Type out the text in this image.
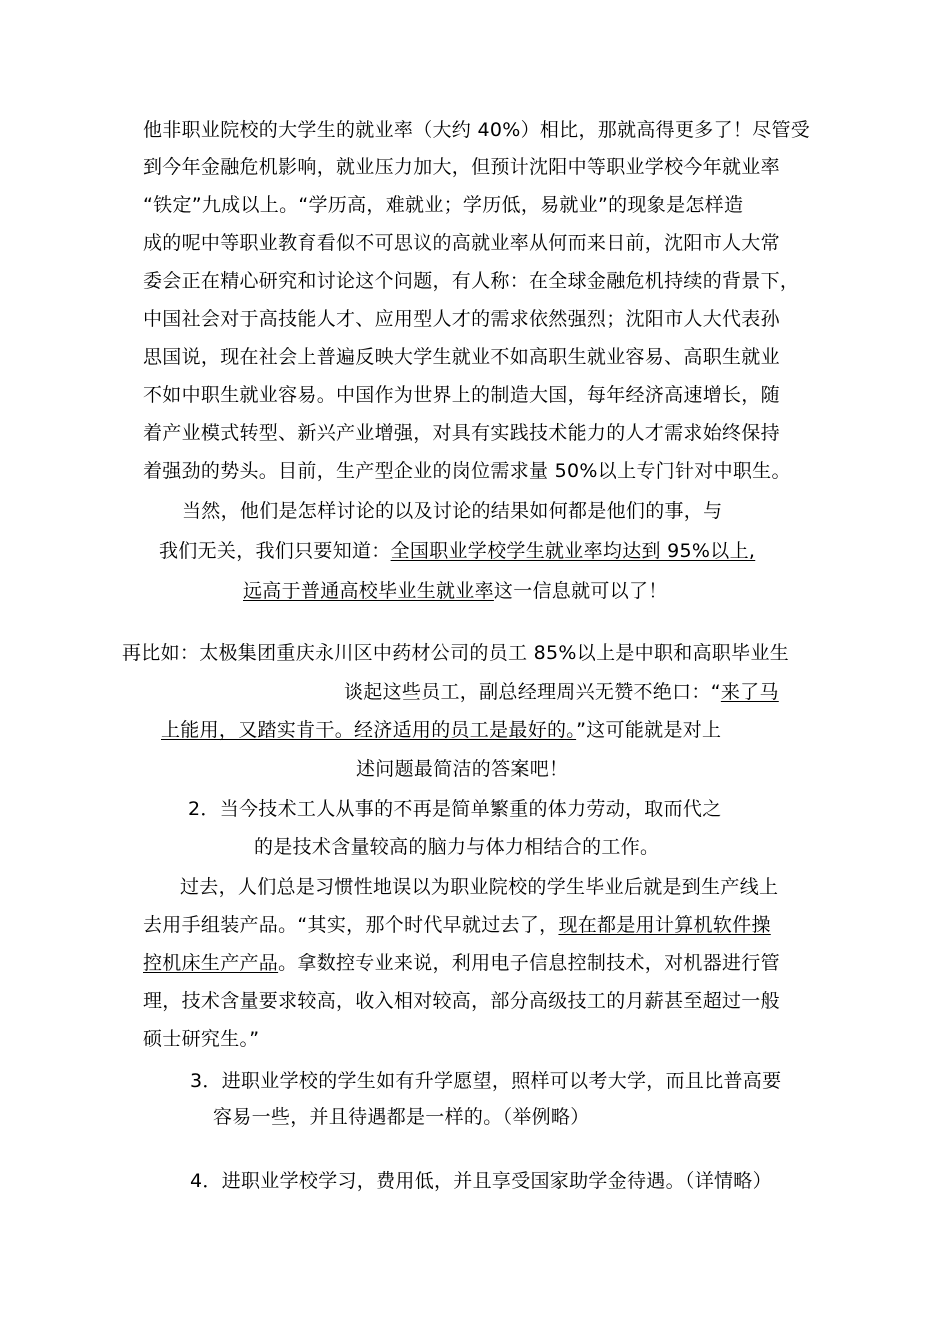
他非职业院校的大学生的就业率（大约 40%）相比，那就高得更多了！尽管受
到今年金融危机影响，就业压力加大，但预计沈阳中等职业学校今年就业率
“铁定”九成以上。“学历高，难就业；学历低，易就业”的现象是怎样造
成的呢中等职业教育看似不可思议的高就业率从何而来日前，沈阳市人大常
委会正在精心研究和讨论这个问题，有人称：在全球金融危机持续的背景下，
中国社会对于高技能人才、应用型人才的需求依然强烈；沈阳市人大代表孙
思国说，现在社会上普遍反映大学生就业不如高职生就业容易、高职生就业
不如中职生就业容易。中国作为世界上的制造大国，每年经济高速增长，随
着产业模式转型、新兴产业增强，对具有实践技术能力的人才需求始终保持
着强劲的势头。目前，生产型企业的岗位需求量 50%以上专门针对中职生。
当然，他们是怎样讨论的以及讨论的结果如何都是他们的事，与
我们无关，我们只要知道：全国职业学校学生就业率均达到 95%以上,
远高于普通高校毕业生就业率这一信息就可以了！
再比如：太极集团重庆永川区中药材公司的员工 85%以上是中职和高职毕业生
谈起这些员工，副总经理周兴无赞不绝口：“来了马
上能用，又踏实肯干。经济适用的员工是最好的。”这可能就是对上
述问题最简洁的答案吧！
2．当今技术工人从事的不再是简单繁重的体力劳动，取而代之
的是技术含量较高的脑力与体力相结合的工作。
过去，人们总是习惯性地误以为职业院校的学生毕业后就是到生产线上
去用手组装产品。“其实，那个时代早就过去了，现在都是用计算机软件操
控机床生产产品。拿数控专业来说，利用电子信息控制技术，对机器进行管
理，技术含量要求较高，收入相对较高，部分高级技工的月薪甚至超过一般
硕士研究生。”
3．进职业学校的学生如有升学愿望，照样可以考大学，而且比普高要
容易一些，并且待遇都是一样的。（举例略）
4．进职业学校学习，费用低，并且享受国家助学金待遇。（详情略）
